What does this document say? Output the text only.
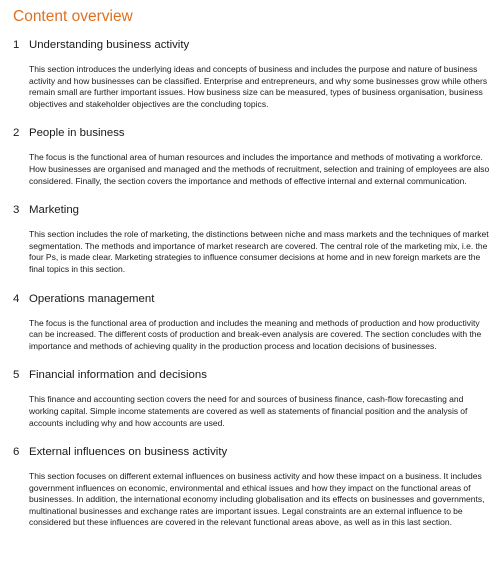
Content overview
1 Understanding business activity

This section introduces the underlying ideas and concepts of business and includes the purpose and nature of business activity and how businesses can be classified. Enterprise and entrepreneurs, and why some businesses grow while others remain small are further important issues. How business size can be measured, types of business organisation, business objectives and stakeholder objectives are the concluding topics.

2 People in business

The focus is the functional area of human resources and includes the importance and methods of motivating a workforce. How businesses are organised and managed and the methods of recruitment, selection and training of employees are also considered. Finally, the section covers the importance and methods of effective internal and external communication.

3 Marketing

This section includes the role of marketing, the distinctions between niche and mass markets and the techniques of market segmentation. The methods and importance of market research are covered. The central role of the marketing mix, i.e. the four Ps, is made clear. Marketing strategies to influence consumer decisions at home and in new foreign markets are the final topics in this section.

4 Operations management

The focus is the functional area of production and includes the meaning and methods of production and how productivity can be increased. The different costs of production and break-even analysis are covered. The section concludes with the importance and methods of achieving quality in the production process and location decisions of businesses.

5 Financial information and decisions

This finance and accounting section covers the need for and sources of business finance, cash-flow forecasting and working capital. Simple income statements are covered as well as statements of financial position and the analysis of accounts including why and how accounts are used.

6 External influences on business activity

This section focuses on different external influences on business activity and how these impact on a business. It includes government influences on economic, environmental and ethical issues and how they impact on the functional areas of businesses. In addition, the international economy including globalisation and its effects on businesses and governments, multinational businesses and exchange rates are important issues. Legal constraints are an external influence to be considered but these influences are covered in the relevant functional areas above, as well as in this last section.
